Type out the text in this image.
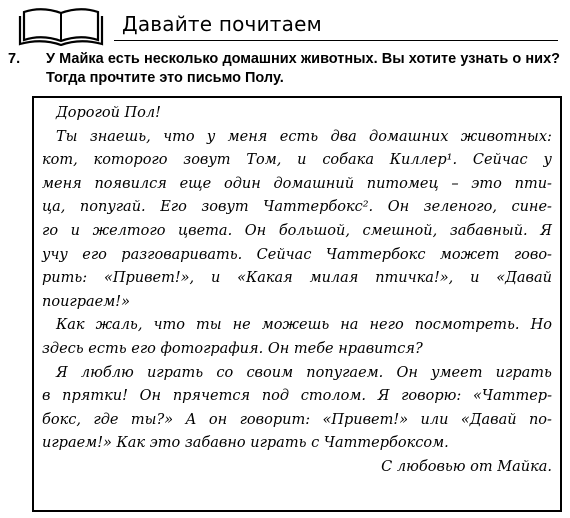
Давайте почитаем
7. У Майка есть несколько домашних животных. Вы хотите узнать о них? Тогда прочтите это письмо Полу.
Дорогой Пол!
Ты знаешь, что у меня есть два домашних животных:
кот, которого зовут Том, и собака Киллер¹. Сейчас у
меня появился еще один домашний питомец – это пти-
ца, попугай. Его зовут Чаттербокс². Он зеленого, сине-
го и желтого цвета. Он большой, смешной, забавный. Я
учу его разговаривать. Сейчас Чаттербокс может гово-
рить: «Привет!», и «Какая милая птичка!», и «Давай
поиграем!»
Как жаль, что ты не можешь на него посмотреть. Но
здесь есть его фотография. Он тебе нравится?
Я люблю играть со своим попугаем. Он умеет играть
в прятки! Он прячется под столом. Я говорю: «Чаттер-
бокс, где ты?» А он говорит: «Привет!» или «Давай по-
играем!» Как это забавно играть с Чаттербоксом.
С любовью от Майка.
